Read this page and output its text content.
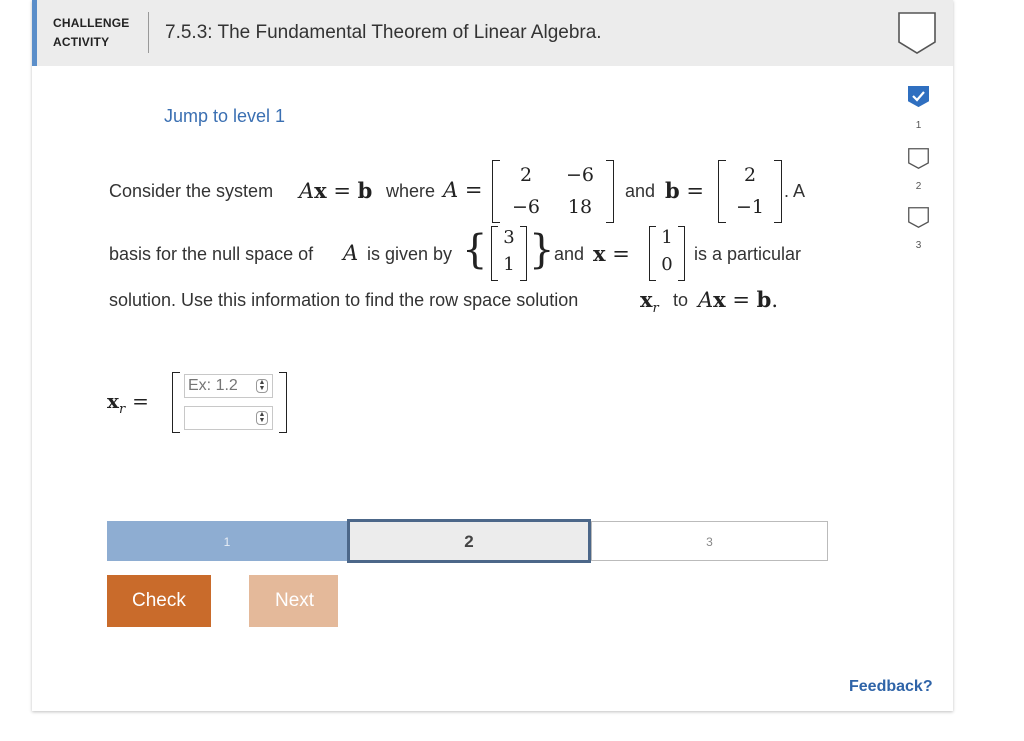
CHALLENGE
ACTIVITY	7.5.3: The Fundamental Theorem of Linear Algebra.
Jump to level 1
Consider the system Ax = b where A =
2	−6
−6	18
and b =
2
−1
. A
basis for the null space of A is given by { 3
1 } and x =
1
0	is a particular
solution. Use this information to find the row space solution	$x_r$ to Ax = b.
$x_r$ =
Ex: 1.2
▲
▼
▲
▼
1	2	3
Check	Next
Feedback?
1
2
3
